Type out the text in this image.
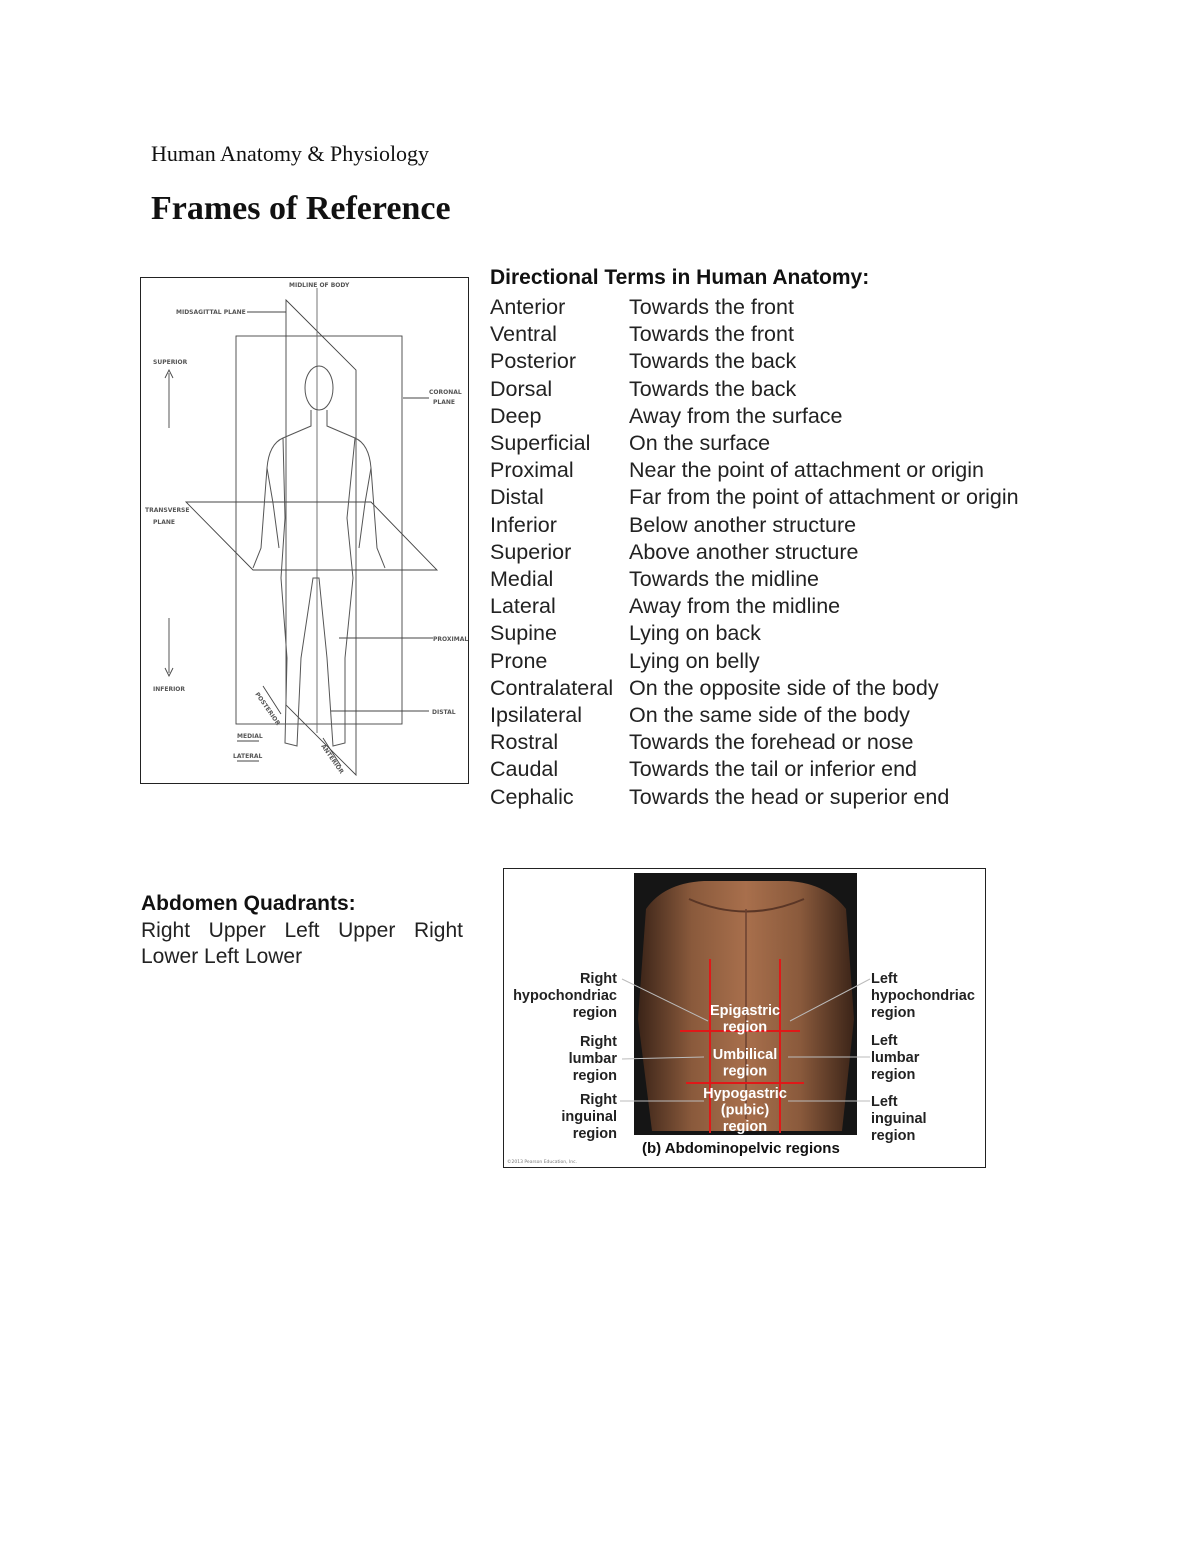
Human Anatomy & Physiology
Frames of Reference
MIDLINE OF BODY
MIDSAGITTAL PLANE
SUPERIOR
CORONAL
PLANE
TRANSVERSE
PLANE
PROXIMAL
INFERIOR
DISTAL
POSTERIOR
ANTERIOR
MEDIAL
LATERAL
Directional Terms in Human Anatomy:
Anterior	Towards the front
Ventral	Towards the front
Posterior	Towards the back
Dorsal	Towards the back
Deep	Away from the surface
Superficial	On the surface
Proximal	Near the point of attachment or origin
Distal	Far from the point of attachment or origin
Inferior	Below another structure
Superior	Above another structure
Medial	Towards the midline
Lateral	Away from the midline
Supine	Lying on back
Prone	Lying on belly
Contralateral On the opposite side of the body
Ipsilateral	On the same side of the body
Rostral	Towards the forehead or nose
Caudal	Towards the tail or inferior end
Cephalic	Towards the head or superior end
Abdomen Quadrants:
Right Upper Left Upper Right Lower Left Lower
Right
hypochondriac
region
Right
lumbar
region
Right
inguinal
region
Left
hypochondriac
region
Left
lumbar
region
Left
inguinal
region
Epigastric
region
Umbilical
region
Hypogastric
(pubic)
region
(b) Abdominopelvic regions
©2013 Pearson Education, Inc.
